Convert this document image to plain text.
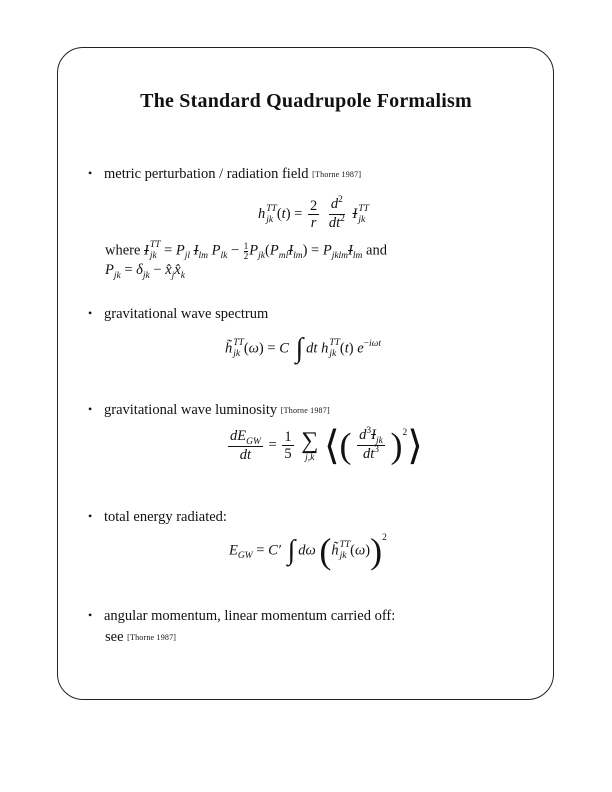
The Standard Quadrupole Formalism
• metric perturbation / radiation field [Thorne 1987]
h TT
jk $(t) = \frac{2}{r}$
$\frac{d^2}{dt^2}$ I TT
jk
where I TT
jk = $P_{jl}$ $I_{lm}$ $P_{lk} - \frac{1}{2} P_{jk}(P_{ml}I_{lm}) = P_{jklm}I_{lm}$ and
$P_{jk} = \delta_{jk}$ − $x̂_jx̂_k$
• gravitational wave spectrum
h̃ TT
jk (ω) = C ∫ dt h TT
jk (t) $e^{-i\omega t}$
• gravitational wave luminosity [Thorne 1987]
$\frac{dE_{GW}}{dt} = \frac{1}{5}$
∑
j,k ⟨( $\frac{d^3I_{jk}}{dt^3}$ )$^2$⟩
• total energy radiated:
$E_{GW} = C'$ ∫ dω (h̃ TT
jk (ω))$^2$
• angular momentum, linear momentum carried off:
see [Thorne 1987]
